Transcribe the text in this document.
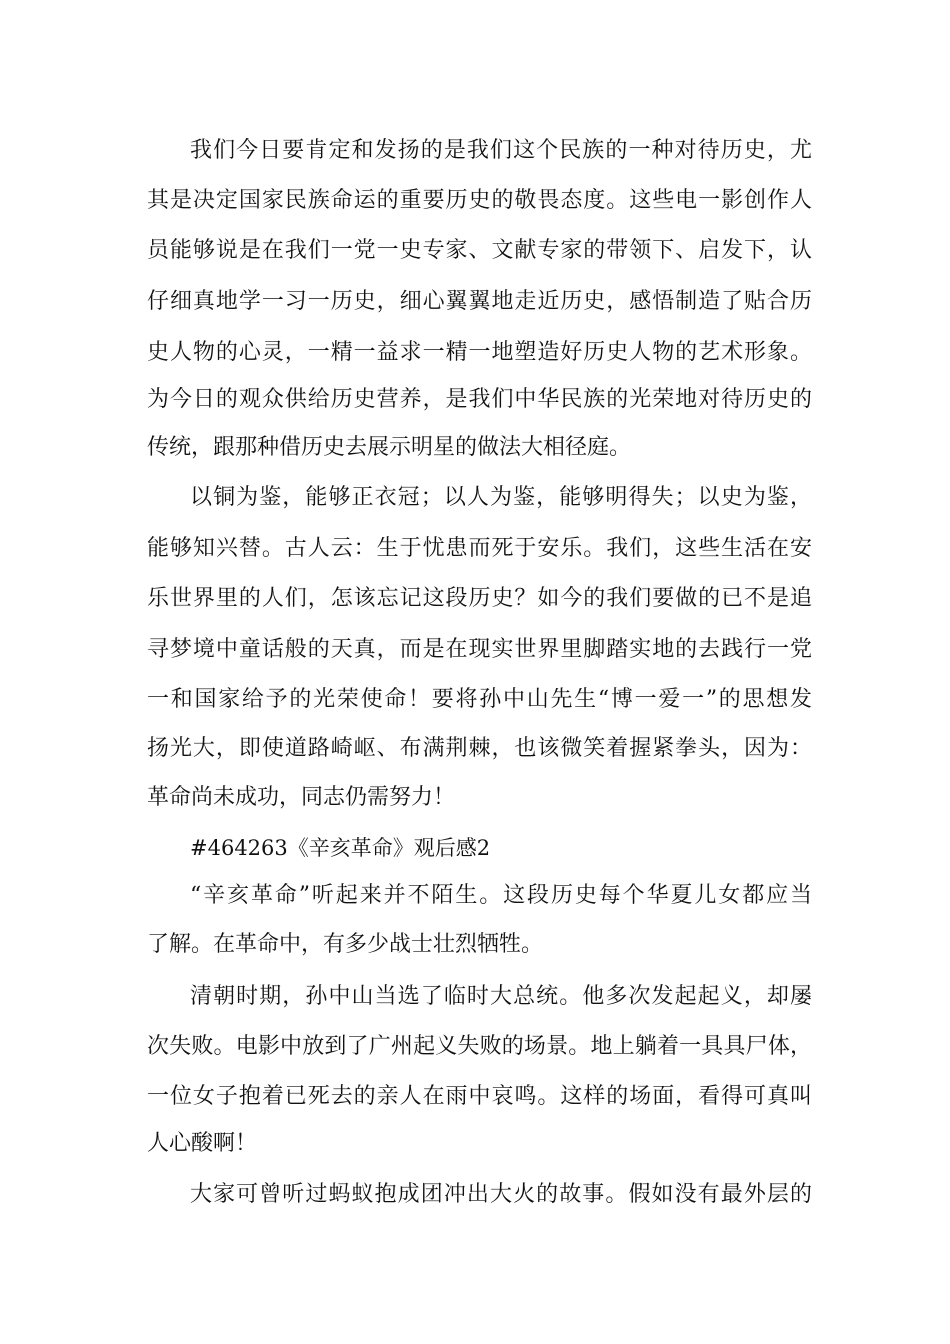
我们今日要肯定和发扬的是我们这个民族的一种对待历史，尤
其是决定国家民族命运的重要历史的敬畏态度。这些电一影创作人
员能够说是在我们一党一史专家、文献专家的带领下、启发下，认
仔细真地学一习一历史，细心翼翼地走近历史，感悟制造了贴合历
史人物的心灵，一精一益求一精一地塑造好历史人物的艺术形象。
为今日的观众供给历史营养，是我们中华民族的光荣地对待历史的
传统，跟那种借历史去展示明星的做法大相径庭。
以铜为鉴，能够正衣冠；以人为鉴，能够明得失；以史为鉴，
能够知兴替。古人云：生于忧患而死于安乐。我们，这些生活在安
乐世界里的人们，怎该忘记这段历史？如今的我们要做的已不是追
寻梦境中童话般的天真，而是在现实世界里脚踏实地的去践行一党
一和国家给予的光荣使命！要将孙中山先生“博一爱一”的思想发
扬光大，即使道路崎岖、布满荆棘，也该微笑着握紧拳头，因为：
革命尚未成功，同志仍需努力！
#464263《辛亥革命》观后感2
“辛亥革命”听起来并不陌生。这段历史每个华夏儿女都应当
了解。在革命中，有多少战士壮烈牺牲。
清朝时期，孙中山当选了临时大总统。他多次发起起义，却屡
次失败。电影中放到了广州起义失败的场景。地上躺着一具具尸体，
一位女子抱着已死去的亲人在雨中哀鸣。这样的场面，看得可真叫
人心酸啊！
大家可曾听过蚂蚁抱成团冲出大火的故事。假如没有最外层的
